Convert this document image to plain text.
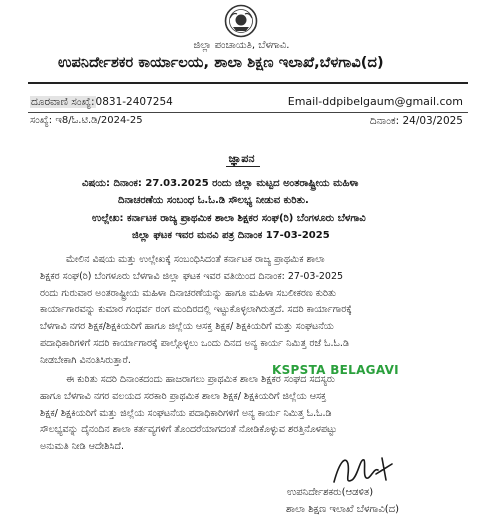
ಜಿಲ್ಲಾ ಪಂಚಾಯತಿ, ಬೆಳಗಾವಿ.
ಉಪನಿರ್ದೇಶಕರ ಕಾರ್ಯಾಲಯ, ಶಾಲಾ ಶಿಕ್ಷಣ ಇಲಾಖೆ,ಬೆಳಗಾವಿ(ದ)
ದೂರವಾಣಿ ಸಂಖ್ಯೆ:0831-2407254	Email-ddpibelgaum@gmail.com
ಸಂಖ್ಯೆ: ಇ8/ಓ.ಟಿ.ಡಿ/2024-25	ದಿನಾಂಕ: 24/03/2025
ಜ್ಞಾಪನ
ವಿಷಯ: ದಿನಾಂಕ: 27.03.2025 ರಂದು ಜಿಲ್ಲಾ ಮಟ್ಟದ ಅಂತರಾಷ್ಟ್ರೀಯ ಮಹಿಳಾ
ದಿನಾಚರಣೆಯ ಸಂಬಂಧ ಓ.ಓ.ಡಿ ಸೌಲಭ್ಯ ನೀಡುವ ಕುರಿತು.
ಉಲ್ಲೇಖ: ಕರ್ನಾಟಕ ರಾಜ್ಯ ಪ್ರಾಥಮಿಕ ಶಾಲಾ ಶಿಕ್ಷಕರ ಸಂಘ(ರಿ) ಬೆಂಗಳೂರು ಬೆಳಗಾವಿ
ಜಿಲ್ಲಾ ಘಟಕ ಇವರ ಮನವಿ ಪತ್ರ ದಿನಾಂಕ 17-03-2025
ಮೇಲಿನ ವಿಷಯ ಮತ್ತು ಉಲ್ಲೇಖಕ್ಕೆ ಸಂಬಂಧಿಸಿದಂತೆ ಕರ್ನಾಟಕ ರಾಜ್ಯ ಪ್ರಾಥಮಿಕ ಶಾಲಾ
ಶಿಕ್ಷಕರ ಸಂಘ(ರಿ) ಬೆಂಗಳೂರು ಬೆಳಗಾವಿ ಜಿಲ್ಲಾ ಘಟಕ ಇವರ ವತಿಯಿಂದ ದಿನಾಂಕ: 27-03-2025
ರಂದು ಗುರುವಾರ ಅಂತರಾಷ್ಟ್ರೀಯ ಮಹಿಳಾ ದಿನಾಚರಣೆಯನ್ನು ಹಾಗೂ ಮಹಿಳಾ ಸಬಲೀಕರಣ ಕುರಿತು
ಕಾರ್ಯಾಗಾರವನ್ನು ಕುಮಾರ ಗಂಧರ್ವ ರಂಗ ಮಂದಿರದಲ್ಲಿ ಇಟ್ಟುಕೊಳ್ಳಲಾಗಿರುತ್ತದೆ. ಸದರಿ ಕಾರ್ಯಾಗಾರಕ್ಕೆ
ಬೆಳಗಾವಿ ನಗರ ಶಿಕ್ಷಕ/ಶಿಕ್ಷಕಿಯರಿಗೆ ಹಾಗೂ ಜಿಲ್ಲೆಯ ಆಸಕ್ತ ಶಿಕ್ಷಕ/ ಶಿಕ್ಷಕಿಯರಿಗೆ ಮತ್ತು ಸಂಘಟನೆಯ
ಪದಾಧಿಕಾರಿಗಳಿಗೆ ಸದರಿ ಕಾರ್ಯಾಗಾರಕ್ಕೆ ಪಾಲ್ಗೊಳ್ಳಲು ಒಂದು ದಿನದ ಅನ್ಯ ಕಾರ್ಯ ನಿಮಿತ್ತ ರಜೆ ಓ.ಓ.ಡಿ
ನೀಡಬೇಕಾಗಿ ವಿನಂತಿಸಿರುತ್ತಾರೆ.
KSPSTA BELAGAVI
ಈ ಕುರಿತು ಸದರಿ ದಿನಾಂಕದಂದು ಹಾಜರಾಗಲು ಪ್ರಾಥಮಿಕ ಶಾಲಾ ಶಿಕ್ಷಕರ ಸಂಘದ ಸದಸ್ಯರು
ಹಾಗೂ ಬೆಳಗಾವಿ ನಗರ ವಲಯದ ಸರಕಾರಿ ಪ್ರಾಥಮಿಕ ಶಾಲಾ ಶಿಕ್ಷಕ/ ಶಿಕ್ಷಕಿಯರಿಗೆ ಜಿಲ್ಲೆಯ ಆಸಕ್ತ
ಶಿಕ್ಷಕ/ ಶಿಕ್ಷಕಿಯರಿಗೆ ಮತ್ತು ಜಿಲ್ಲೆಯ ಸಂಘಟನೆಯ ಪದಾಧಿಕಾರಿಗಳಿಗೆ ಅನ್ಯ ಕಾರ್ಯ ನಿಮಿತ್ತ ಓ.ಓ.ಡಿ
ಸೌಲಭ್ಯವನ್ನು ದೈನಂದಿನ ಶಾಲಾ ಕರ್ತವ್ಯಗಳಿಗೆ ತೊಂದರೆಯಾಗದಂತೆ ನೋಡಿಕೊಳ್ಳುವ ಶರತ್ತಿನೊಳಪಟ್ಟು
ಅನುಮತಿ ನೀಡಿ ಆದೇಶಿಸಿದೆ.
ಉಪನಿರ್ದೇಶಕರು(ಆಡಳಿತ)
ಶಾಲಾ ಶಿಕ್ಷಣ ಇಲಾಖೆ ಬೆಳಗಾವಿ(ದ)
